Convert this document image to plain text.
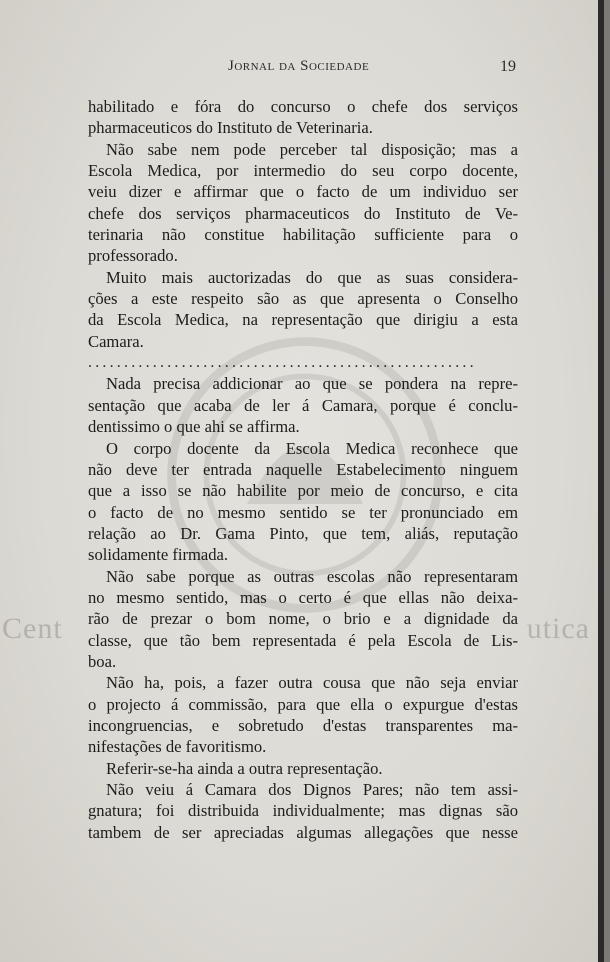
Jornal da Sociedade	19
habilitado e fóra do concurso o chefe dos serviços
pharmaceuticos do Instituto de Veterinaria.
Não sabe nem pode perceber tal disposição; mas a
Escola Medica, por intermedio do seu corpo docente,
veiu dizer e affirmar que o facto de um individuo ser
chefe dos serviços pharmaceuticos do Instituto de Ve-
terinaria não constitue habilitação sufficiente para o
professorado.
Muito mais auctorizadas do que as suas considera-
ções a este respeito são as que apresenta o Conselho
da Escola Medica, na representação que dirigiu a esta
Camara.
......................................................
Nada precisa addicionar ao que se pondera na repre-
sentação que acaba de ler á Camara, porque é conclu-
dentissimo o que ahi se affirma.
O corpo docente da Escola Medica reconhece que
não deve ter entrada naquelle Estabelecimento ninguem
que a isso se não habilite por meio de concurso, e cita
o facto de no mesmo sentido se ter pronunciado em
relação ao Dr. Gama Pinto, que tem, aliás, reputação
solidamente firmada.
Não sabe porque as outras escolas não representaram
no mesmo sentido, mas o certo é que ellas não deixa-
rão de prezar o bom nome, o brio e a dignidade da
classe, que tão bem representada é pela Escola de Lis-
boa.
Não ha, pois, a fazer outra cousa que não seja enviar
o projecto á commissão, para que ella o expurgue d'estas
incongruencias, e sobretudo d'estas transparentes ma-
nifestações de favoritismo.
Referir-se-ha ainda a outra representação.
Não veiu á Camara dos Dignos Pares; não tem assi-
gnatura; foi distribuida individualmente; mas dignas são
tambem de ser apreciadas algumas allegações que nesse
Cent	utica
